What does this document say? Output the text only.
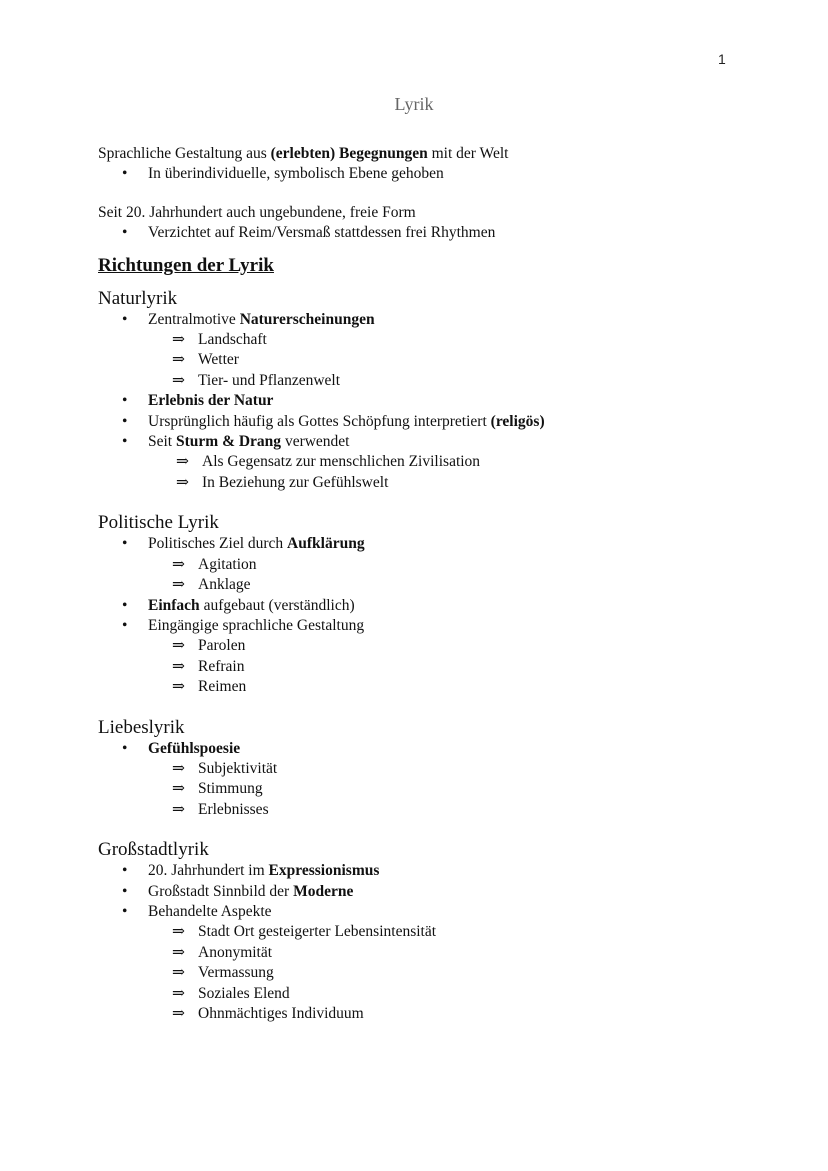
1
Lyrik
Sprachliche Gestaltung aus (erlebten) Begegnungen mit der Welt
• In überindividuelle, symbolisch Ebene gehoben
Seit 20. Jahrhundert auch ungebundene, freie Form
• Verzichtet auf Reim/Versmaß stattdessen frei Rhythmen
Richtungen der Lyrik
Naturlyrik
• Zentralmotive Naturerscheinungen
⇒ Landschaft
⇒ Wetter
⇒ Tier- und Pflanzenwelt
• Erlebnis der Natur
• Ursprünglich häufig als Gottes Schöpfung interpretiert (religös)
• Seit Sturm & Drang verwendet
⇒ Als Gegensatz zur menschlichen Zivilisation
⇒ In Beziehung zur Gefühlswelt
Politische Lyrik
• Politisches Ziel durch Aufklärung
⇒ Agitation
⇒ Anklage
• Einfach aufgebaut (verständlich)
• Eingängige sprachliche Gestaltung
⇒ Parolen
⇒ Refrain
⇒ Reimen
Liebeslyrik
• Gefühlspoesie
⇒ Subjektivität
⇒ Stimmung
⇒ Erlebnisses
Großstadtlyrik
• 20. Jahrhundert im Expressionismus
• Großstadt Sinnbild der Moderne
• Behandelte Aspekte
⇒ Stadt Ort gesteigerter Lebensintensität
⇒ Anonymität
⇒ Vermassung
⇒ Soziales Elend
⇒ Ohnmächtiges Individuum
